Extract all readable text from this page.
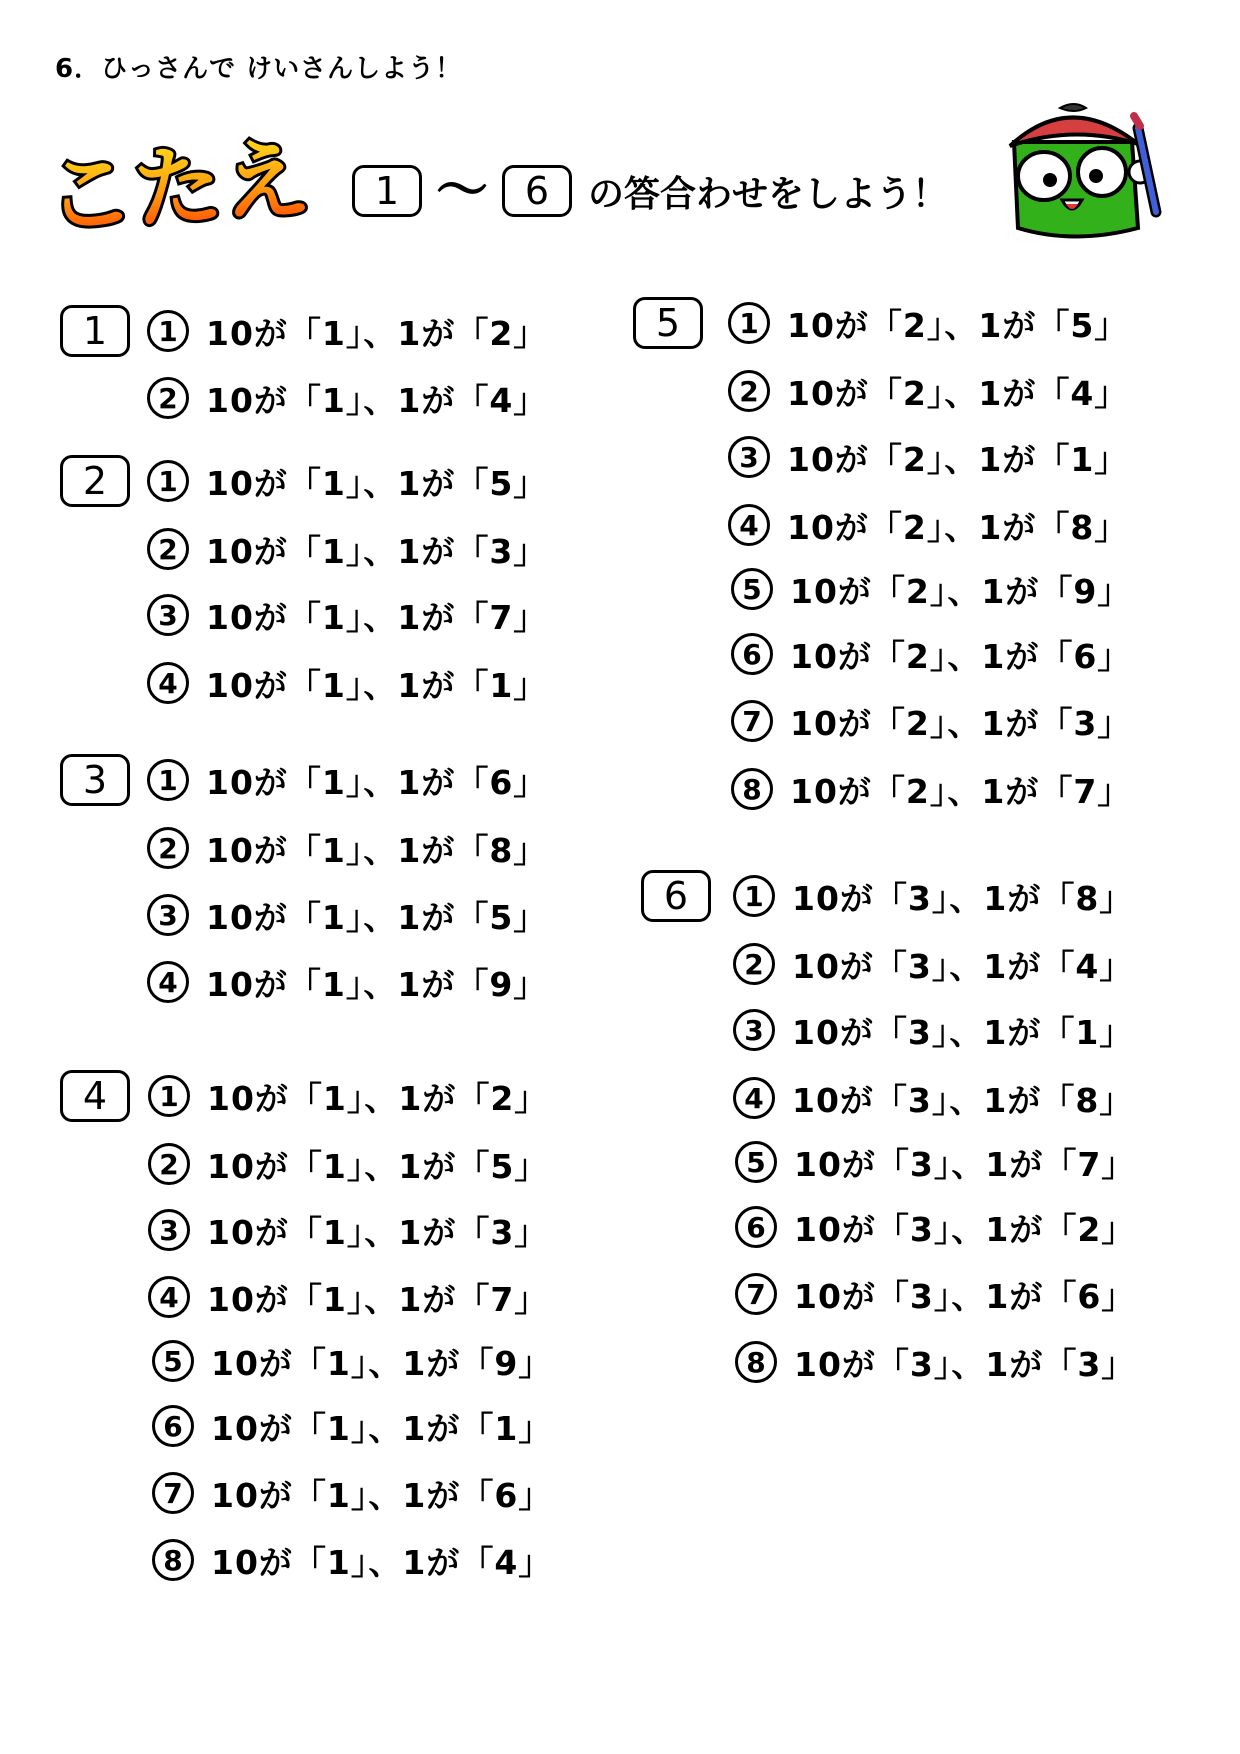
6．ひっさんで けいさんしよう！
こたえ	1 〜 6	の答合わせをしよう！
1	1 10が「1」、1が「2」
2 10が「1」、1が「4」
2	1 10が「1」、1が「5」
2 10が「1」、1が「3」
3 10が「1」、1が「7」
4 10が「1」、1が「1」
3	1 10が「1」、1が「6」
2 10が「1」、1が「8」
3 10が「1」、1が「5」
4 10が「1」、1が「9」
4	1 10が「1」、1が「2」
2 10が「1」、1が「5」
3 10が「1」、1が「3」
4 10が「1」、1が「7」
5 10が「1」、1が「9」
6 10が「1」、1が「1」
7 10が「1」、1が「6」
8 10が「1」、1が「4」
5	1 10が「2」、1が「5」
2 10が「2」、1が「4」
3 10が「2」、1が「1」
4 10が「2」、1が「8」
5 10が「2」、1が「9」
6 10が「2」、1が「6」
7 10が「2」、1が「3」
8 10が「2」、1が「7」
6	1 10が「3」、1が「8」
2 10が「3」、1が「4」
3 10が「3」、1が「1」
4 10が「3」、1が「8」
5 10が「3」、1が「7」
6 10が「3」、1が「2」
7 10が「3」、1が「6」
8 10が「3」、1が「3」
